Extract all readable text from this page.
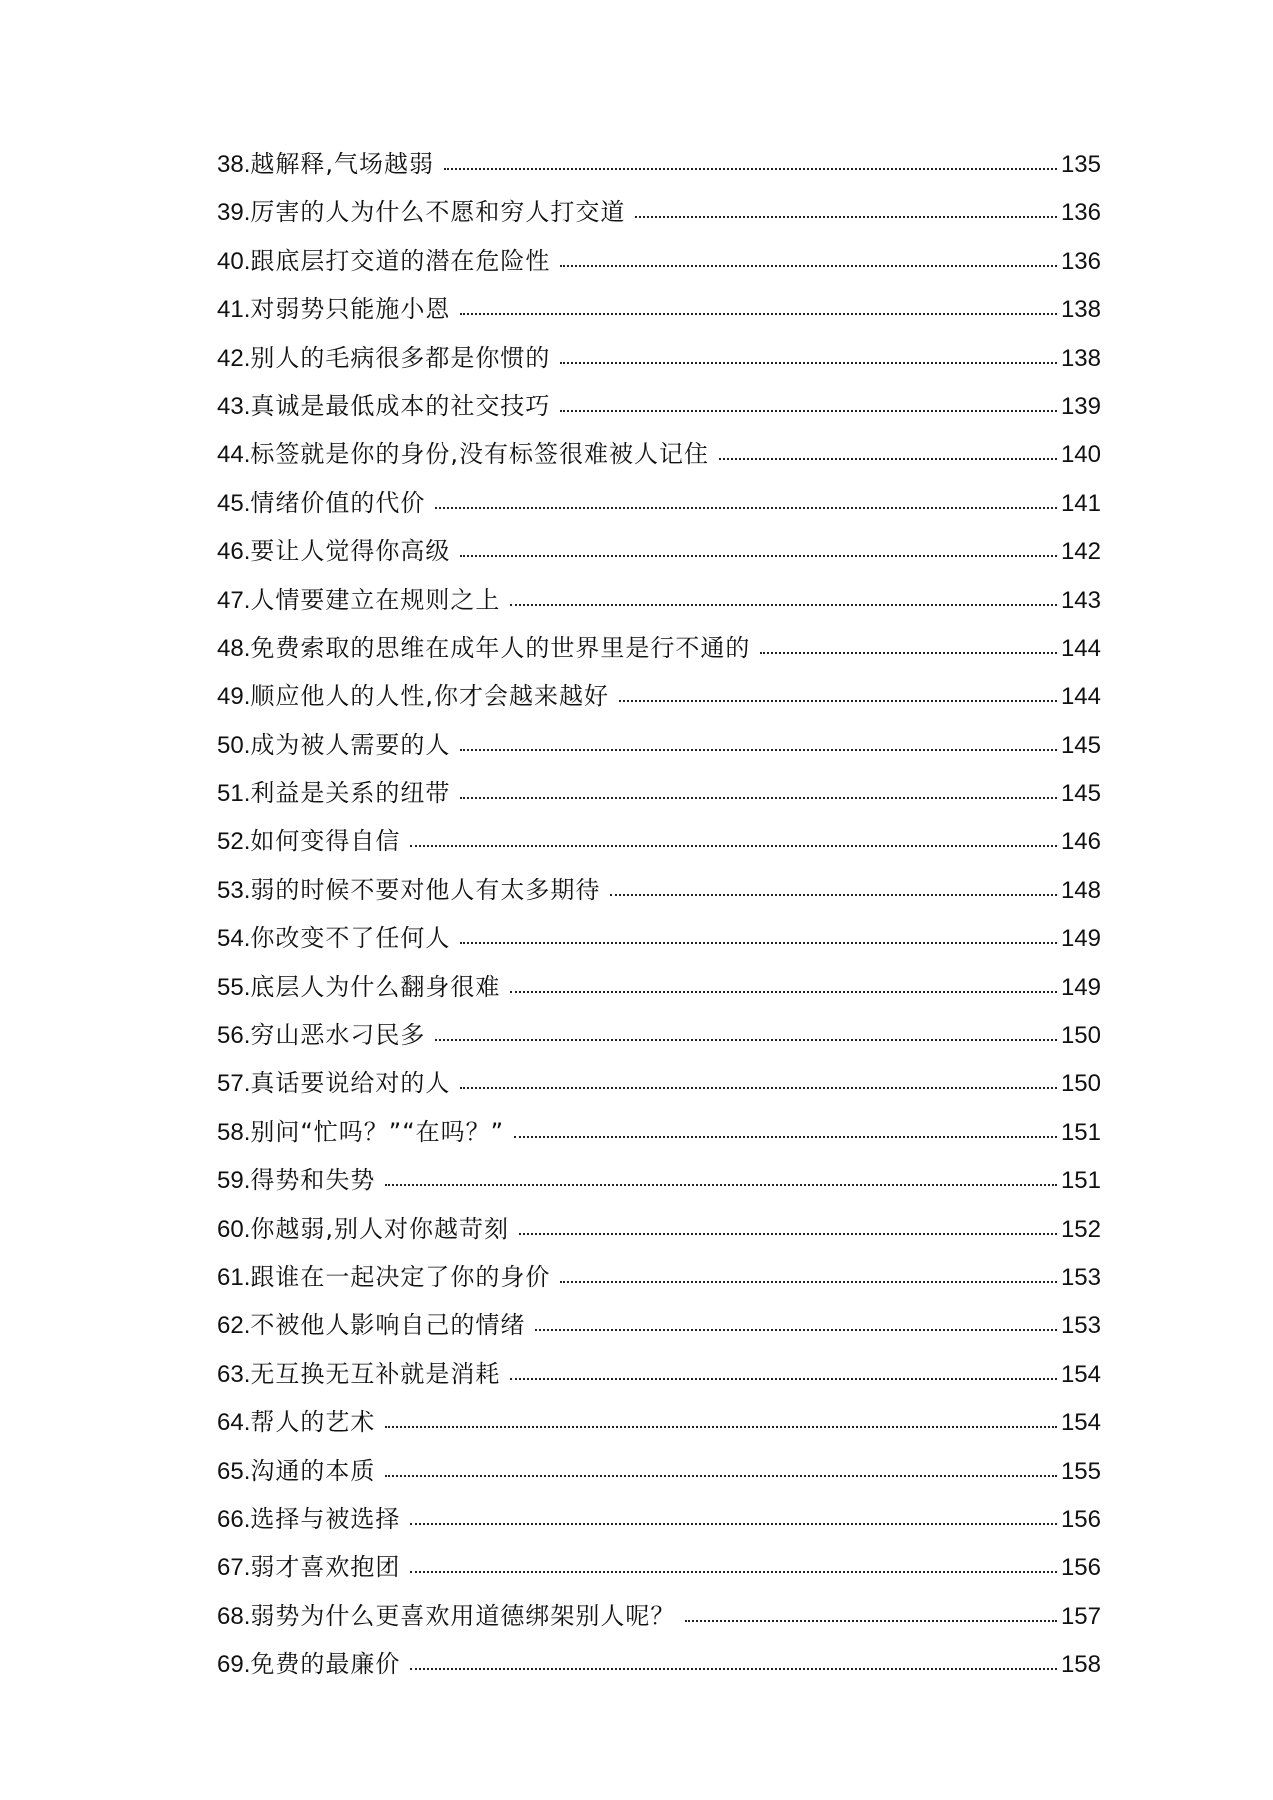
38. 越解释,气场越弱	135
39. 厉害的人为什么不愿和穷人打交道	136
40. 跟底层打交道的潜在危险性	136
41. 对弱势只能施小恩	138
42. 别人的毛病很多都是你惯的	138
43. 真诚是最低成本的社交技巧	139
44. 标签就是你的身份,没有标签很难被人记住	140
45. 情绪价值的代价	141
46. 要让人觉得你高级	142
47. 人情要建立在规则之上	143
48. 免费索取的思维在成年人的世界里是行不通的	144
49. 顺应他人的人性,你才会越来越好	144
50. 成为被人需要的人	145
51. 利益是关系的纽带	145
52. 如何变得自信	146
53. 弱的时候不要对他人有太多期待	148
54. 你改变不了任何人	149
55. 底层人为什么翻身很难	149
56. 穷山恶水刁民多	150
57. 真话要说给对的人	150
58. 别问“忙吗？”“在吗？”	151
59. 得势和失势	151
60. 你越弱,别人对你越苛刻	152
61. 跟谁在一起决定了你的身价	153
62. 不被他人影响自己的情绪	153
63. 无互换无互补就是消耗	154
64. 帮人的艺术	154
65. 沟通的本质	155
66. 选择与被选择	156
67. 弱才喜欢抱团	156
68. 弱势为什么更喜欢用道德绑架别人呢？	157
69. 免费的最廉价	158
